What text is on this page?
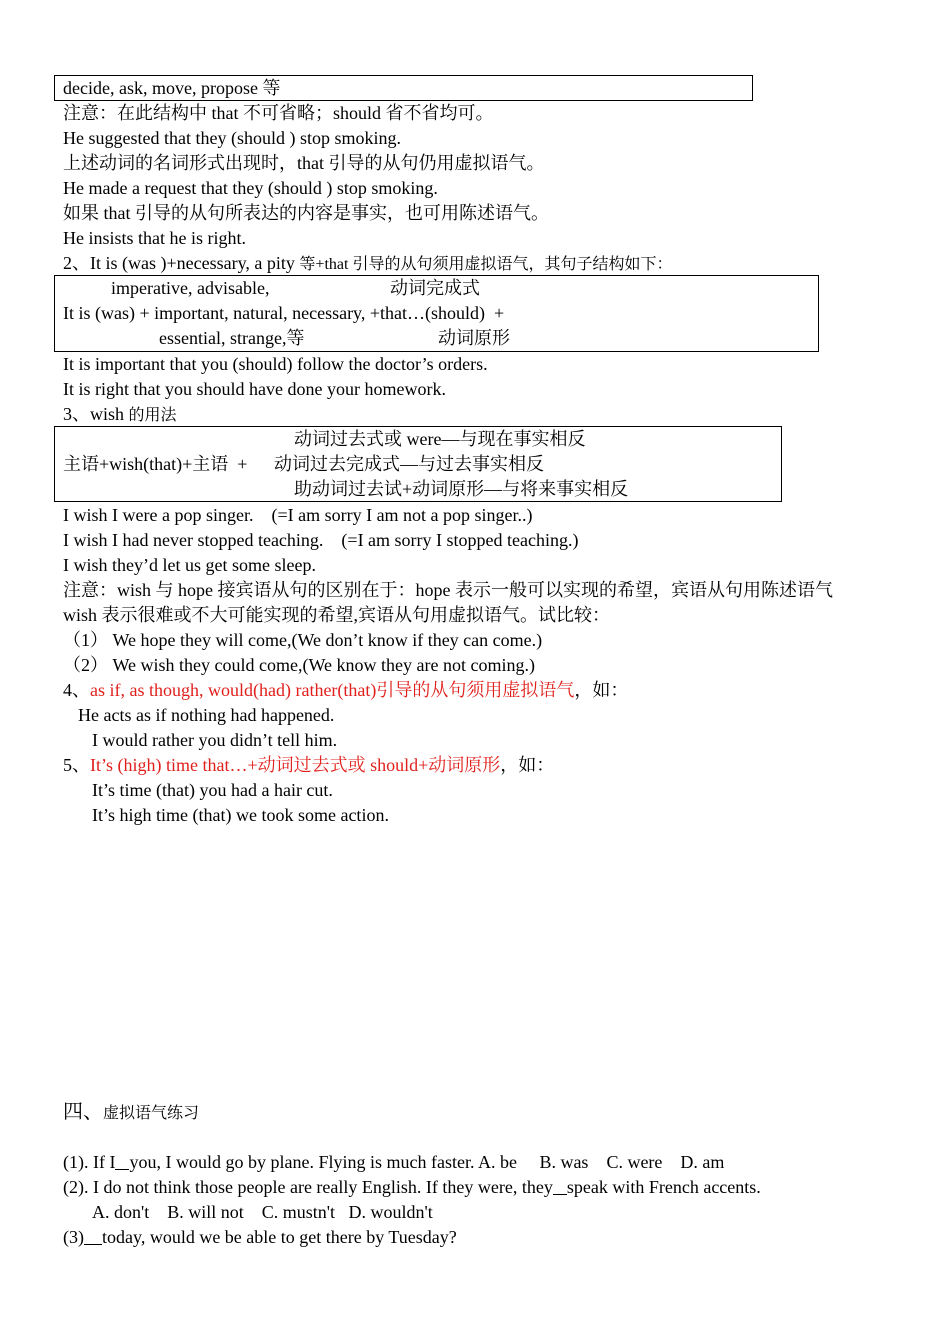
decide, ask, move, propose 等
注意：在此结构中 that 不可省略；should 省不省均可。
He suggested that they (should ) stop smoking.
上述动词的名词形式出现时，that 引导的从句仍用虚拟语气。
He made a request that they (should ) stop smoking.
如果 that 引导的从句所表达的内容是事实，也可用陈述语气。
He insists that he is right.
2、It is (was )+necessary, a pity 等+that 引导的从句须用虚拟语气，其句子结构如下：
imperative, advisable,	动词完成式
It is (was) + important, natural, necessary, +that…(should)  +
essential, strange,等	动词原形
It is important that you (should) follow the doctor’s orders.
It is right that you should have done your homework.
3、wish 的用法
动词过去式或 were—与现在事实相反
主语+wish(that)+主语  + 动词过去完成式—与过去事实相反
助动词过去试+动词原形—与将来事实相反
I wish I were a pop singer.    (=I am sorry I am not a pop singer..)
I wish I had never stopped teaching.    (=I am sorry I stopped teaching.)
I wish they’d let us get some sleep.
注意：wish 与 hope 接宾语从句的区别在于：hope 表示一般可以实现的希望，宾语从句用陈述语气
wish 表示很难或不大可能实现的希望,宾语从句用虚拟语气。试比较：
（1） We hope they will come,(We don’t know if they can come.)
（2） We wish they could come,(We know they are not coming.)
4、as if, as though, would(had) rather(that)引导的从句须用虚拟语气，如：
He acts as if nothing had happened.
I would rather you didn’t tell him.
5、It’s (high) time that…+动词过去式或 should+动词原形，如：
It’s time (that) you had a hair cut.
It’s high time (that) we took some action.
四、虚拟语气练习
(1). If I you, I would go by plane. Flying is much faster. A. be     B. was    C. were    D. am
(2). I do not think those people are really English. If they were, they speak with French accents.
A. don't    B. will not    C. mustn't   D. wouldn't
(3) today, would we be able to get there by Tuesday?
